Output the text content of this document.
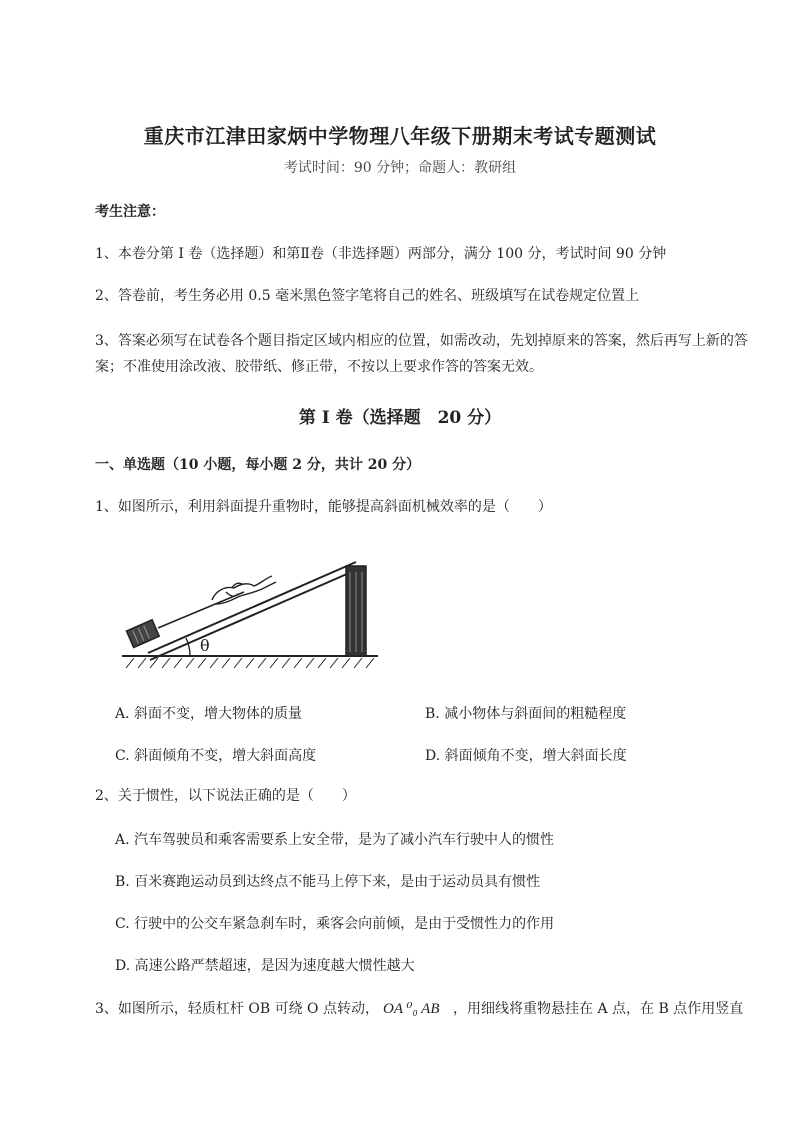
重庆市江津田家炳中学物理八年级下册期末考试专题测试
考试时间：90 分钟；命题人：教研组
考生注意：
1、本卷分第 I 卷（选择题）和第Ⅱ卷（非选择题）两部分，满分 100 分，考试时间 90 分钟
2、答卷前，考生务必用 0.5 毫米黑色签字笔将自己的姓名、班级填写在试卷规定位置上
3、答案必须写在试卷各个题目指定区域内相应的位置，如需改动，先划掉原来的答案，然后再写上新的答案；不准使用涂改液、胶带纸、修正带，不按以上要求作答的答案无效。
第 I 卷（选择题　20 分）
一、单选题（10 小题，每小题 2 分，共计 20 分）
1、如图所示，利用斜面提升重物时，能够提高斜面机械效率的是（　　）
θ
A. 斜面不变，增大物体的质量	B. 减小物体与斜面间的粗糙程度
C. 斜面倾角不变，增大斜面高度	D. 斜面倾角不变，增大斜面长度
2、关于惯性，以下说法正确的是（　　）
A. 汽车驾驶员和乘客需要系上安全带，是为了减小汽车行驶中人的惯性
B. 百米赛跑运动员到达终点不能马上停下来，是由于运动员具有惯性
C. 行驶中的公交车紧急刹车时，乘客会向前倾，是由于受惯性力的作用
D. 高速公路严禁超速，是因为速度越大惯性越大
3、如图所示，轻质杠杆 OB 可绕 O 点转动， OA ⁰₀ AB ，用细线将重物悬挂在 A 点，在 B 点作用竖直
